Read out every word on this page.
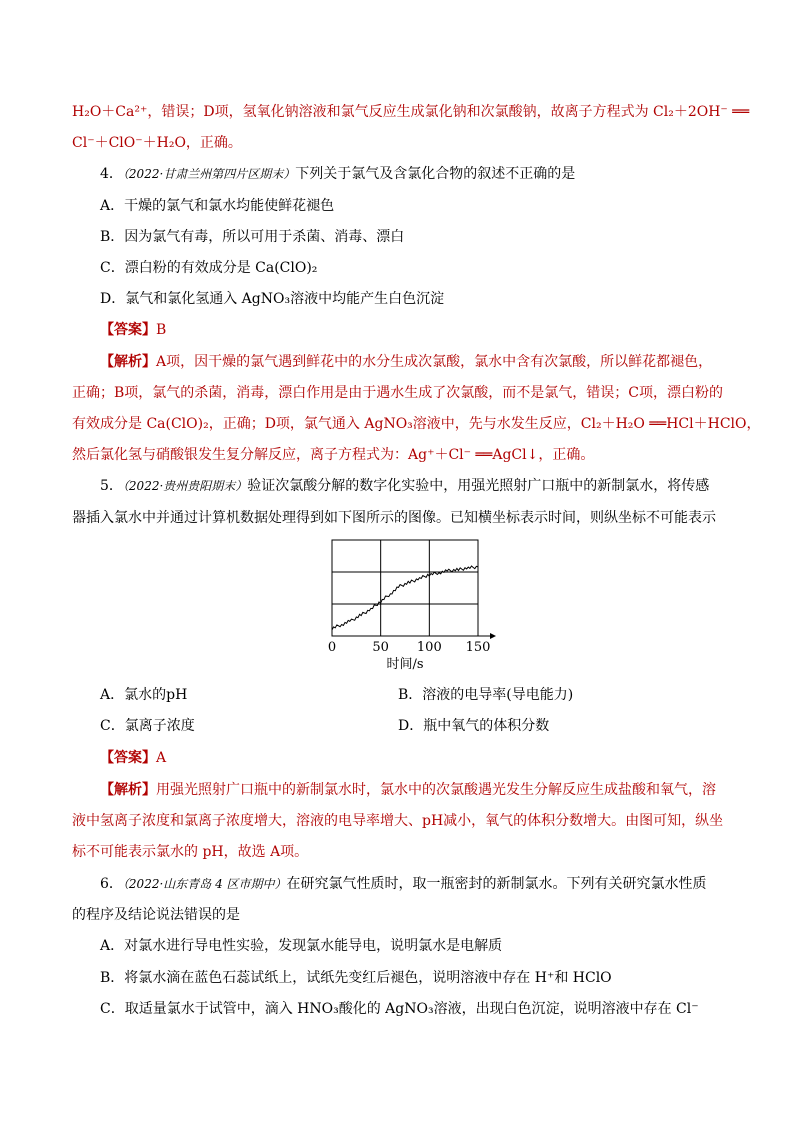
H₂O＋Ca²⁺，错误；D项，氢氧化钠溶液和氯气反应生成氯化钠和次氯酸钠，故离子方程式为 Cl₂＋2OH⁻ ══
Cl⁻＋ClO⁻＋H₂O，正确。
4．（2022·甘肃兰州第四片区期末）下列关于氯气及含氯化合物的叙述不正确的是
A．干燥的氯气和氯水均能使鲜花褪色
B．因为氯气有毒，所以可用于杀菌、消毒、漂白
C．漂白粉的有效成分是 Ca(ClO)₂
D．氯气和氯化氢通入 AgNO₃溶液中均能产生白色沉淀
【答案】B
【解析】A项，因干燥的氯气遇到鲜花中的水分生成次氯酸，氯水中含有次氯酸，所以鲜花都褪色，
正确；B项，氯气的杀菌，消毒，漂白作用是由于遇水生成了次氯酸，而不是氯气，错误；C项，漂白粉的
有效成分是 Ca(ClO)₂，正确；D项，氯气通入 AgNO₃溶液中，先与水发生反应，Cl₂＋H₂O ══HCl＋HClO，
然后氯化氢与硝酸银发生复分解反应，离子方程式为：Ag⁺＋Cl⁻ ══AgCl↓，正确。
5．（2022·贵州贵阳期末）验证次氯酸分解的数字化实验中，用强光照射广口瓶中的新制氯水，将传感
器插入氯水中并通过计算机数据处理得到如下图所示的图像。已知横坐标表示时间，则纵坐标不可能表示
0	50 100 150
时间/s
A．氯水的pH	B．溶液的电导率(导电能力)
C．氯离子浓度	D．瓶中氧气的体积分数
【答案】A
【解析】用强光照射广口瓶中的新制氯水时，氯水中的次氯酸遇光发生分解反应生成盐酸和氧气，溶
液中氢离子浓度和氯离子浓度增大，溶液的电导率增大、pH减小，氧气的体积分数增大。由图可知，纵坐
标不可能表示氯水的 pH，故选 A项。
6．（2022·山东青岛 4 区市期中）在研究氯气性质时，取一瓶密封的新制氯水。下列有关研究氯水性质
的程序及结论说法错误的是
A．对氯水进行导电性实验，发现氯水能导电，说明氯水是电解质
B．将氯水滴在蓝色石蕊试纸上，试纸先变红后褪色，说明溶液中存在 H⁺和 HClO
C．取适量氯水于试管中，滴入 HNO₃酸化的 AgNO₃溶液，出现白色沉淀，说明溶液中存在 Cl⁻
